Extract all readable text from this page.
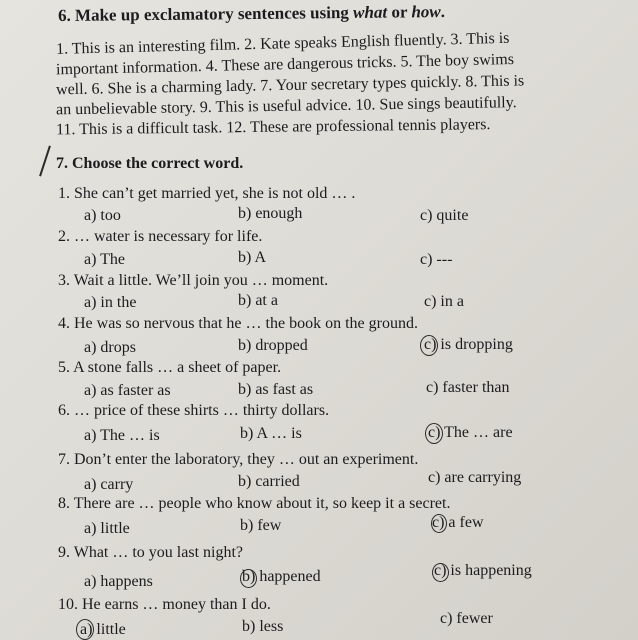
6. Make up exclamatory sentences using what or how.
1. This is an interesting film. 2. Kate speaks English fluently. 3. This is
important information. 4. These are dangerous tricks. 5. The boy swims
well. 6. She is a charming lady. 7. Your secretary types quickly. 8. This is
an unbelievable story. 9. This is useful advice. 10. Sue sings beautifully.
11. This is a difficult task. 12. These are professional tennis players.
7. Choose the correct word.
1. She can’t get married yet, she is not old … .
a) too	b) enough	c) quite
2. … water is necessary for life.
a) The	b) A	c) ---
3. Wait a little. We’ll join you … moment.
a) in the	b) at a	c) in a
4. He was so nervous that he … the book on the ground.
a) drops	b) dropped	c) is dropping
5. A stone falls … a sheet of paper.
a) as faster as	b) as fast as	c) faster than
6. … price of these shirts … thirty dollars.
a) The … is	b) A … is	c) The … are
7. Don’t enter the laboratory, they … out an experiment.
a) carry	b) carried	c) are carrying
8. There are … people who know about it, so keep it a secret.
a) little	b) few	c) a few
9. What … to you last night?
a) happens	b) happened	c) is happening
10. He earns … money than I do.
a) little	b) less	c) fewer
